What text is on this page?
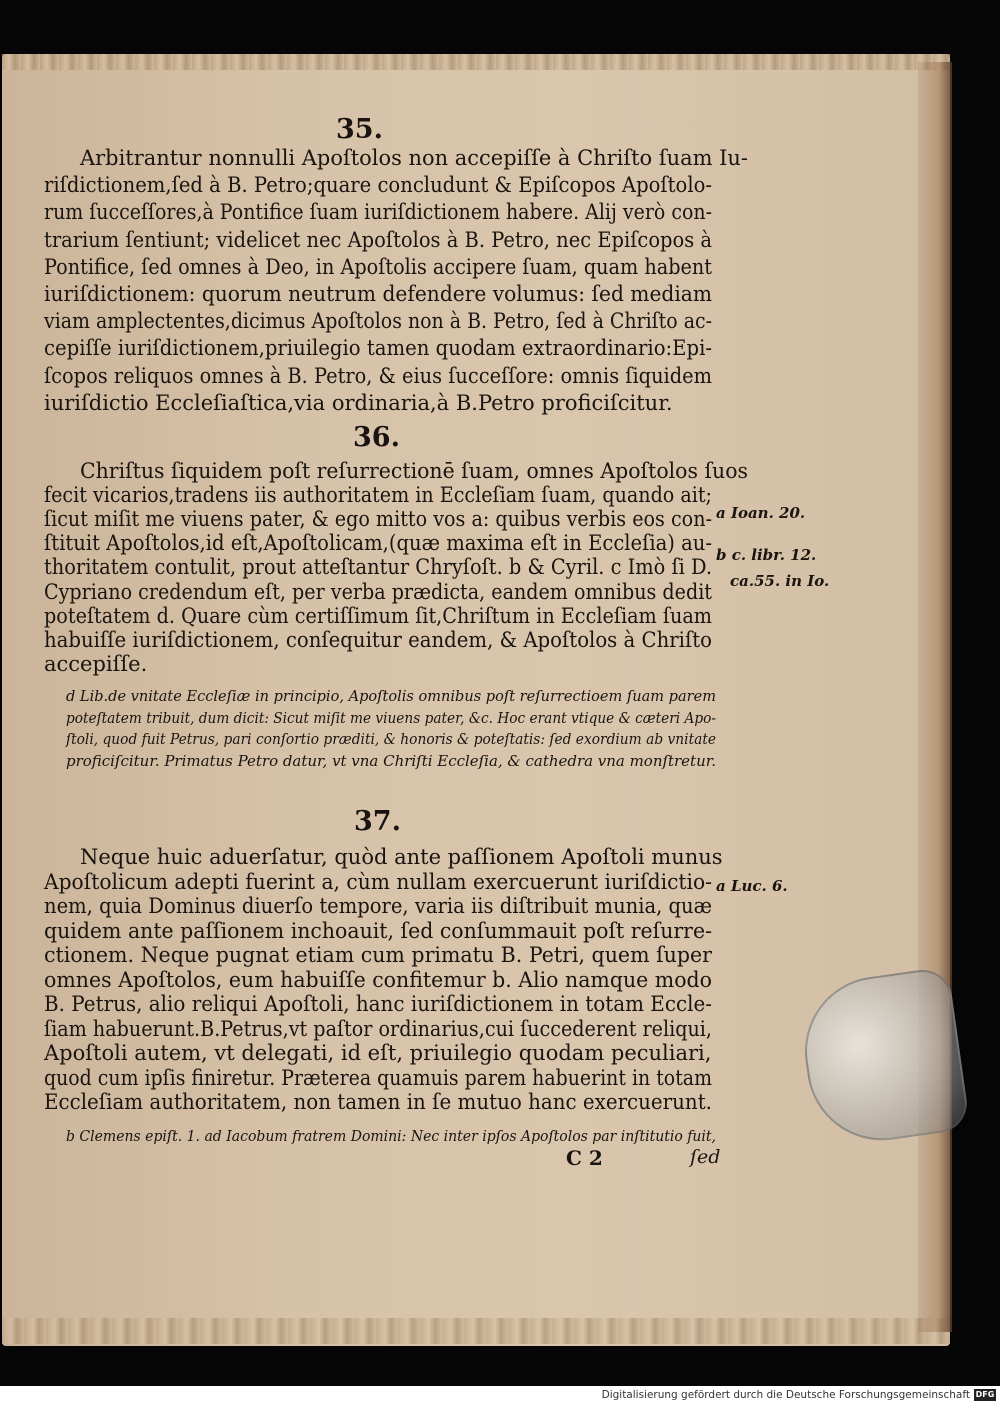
35.
Arbitrantur nonnulli Apoſtolos non accepiſſe à Chriſto ſuam Iu-
riſdictionem,ſed à B. Petro;quare concludunt & Epiſcopos Apoſtolo-
rum ſucceſſores,à Pontifice ſuam iuriſdictionem habere. Alij verò con-
trarium ſentiunt; videlicet nec Apoſtolos à B. Petro, nec Epiſcopos à
Pontifice, ſed omnes à Deo, in Apoſtolis accipere ſuam, quam habent
iuriſdictionem: quorum neutrum defendere volumus: ſed mediam
viam amplectentes,dicimus Apoſtolos non à B. Petro, ſed à Chriſto ac-
cepiſſe iuriſdictionem,priuilegio tamen quodam extraordinario:Epi-
ſcopos reliquos omnes à B. Petro, & eius ſucceſſore: omnis ſiquidem
iuriſdictio Eccleſiaſtica,via ordinaria,à B.Petro proficiſcitur.
36.
Chriſtus ſiquidem poſt reſurrectionē ſuam, omnes Apoſtolos ſuos
fecit vicarios,tradens iis authoritatem in Eccleſiam ſuam, quando ait;
ſicut miſit me viuens pater, & ego mitto vos a: quibus verbis eos con-
ſtituit Apoſtolos,id eſt,Apoſtolicam,(quæ maxima eſt in Eccleſia) au-
thoritatem contulit, prout atteſtantur Chryſoſt. b & Cyril. c Imò ſi D.
Cypriano credendum eſt, per verba prædicta, eandem omnibus dedit
poteſtatem d. Quare cùm certiſſimum ſit,Chriſtum in Eccleſiam ſuam
habuiſſe iuriſdictionem, conſequitur eandem, & Apoſtolos à Chriſto
accepiſſe.
d Lib.de vnitate Eccleſiæ in principio, Apoſtolis omnibus poſt reſurrectioem ſuam parem
poteſtatem tribuit, dum dicit: Sicut miſit me viuens pater, &c. Hoc erant vtique & cæteri Apo-
ſtoli, quod fuit Petrus, pari conſortio præditi, & honoris & poteſtatis: ſed exordium ab vnitate
proficiſcitur. Primatus Petro datur, vt vna Chriſti Eccleſia, & cathedra vna monſtretur.
a Ioan. 20.
b c. libr. 12.
ca.55. in Io.
a Luc. 6.
37.
Neque huic aduerſatur, quòd ante paſſionem Apoſtoli munus
Apoſtolicum adepti fuerint a, cùm nullam exercuerunt iuriſdictio-
nem, quia Dominus diuerſo tempore, varia iis diſtribuit munia, quæ
quidem ante paſſionem inchoauit, ſed conſummauit poſt reſurre-
ctionem. Neque pugnat etiam cum primatu B. Petri, quem ſuper
omnes Apoſtolos, eum habuiſſe confitemur b. Alio namque modo
B. Petrus, alio reliqui Apoſtoli, hanc iuriſdictionem in totam Eccle-
ſiam habuerunt.B.Petrus,vt paſtor ordinarius,cui ſuccederent reliqui,
Apoſtoli autem, vt delegati, id eſt, priuilegio quodam peculiari,
quod cum ipſis finiretur. Præterea quamuis parem habuerint in totam
Eccleſiam authoritatem, non tamen in ſe mutuo hanc exercuerunt.
b Clemens epiſt. 1. ad Iacobum fratrem Domini: Nec inter ipſos Apoſtolos par inſtitutio fuit,
C 2	ſed
Digitalisierung gefördert durch die Deutsche Forschungsgemeinschaft DFG
